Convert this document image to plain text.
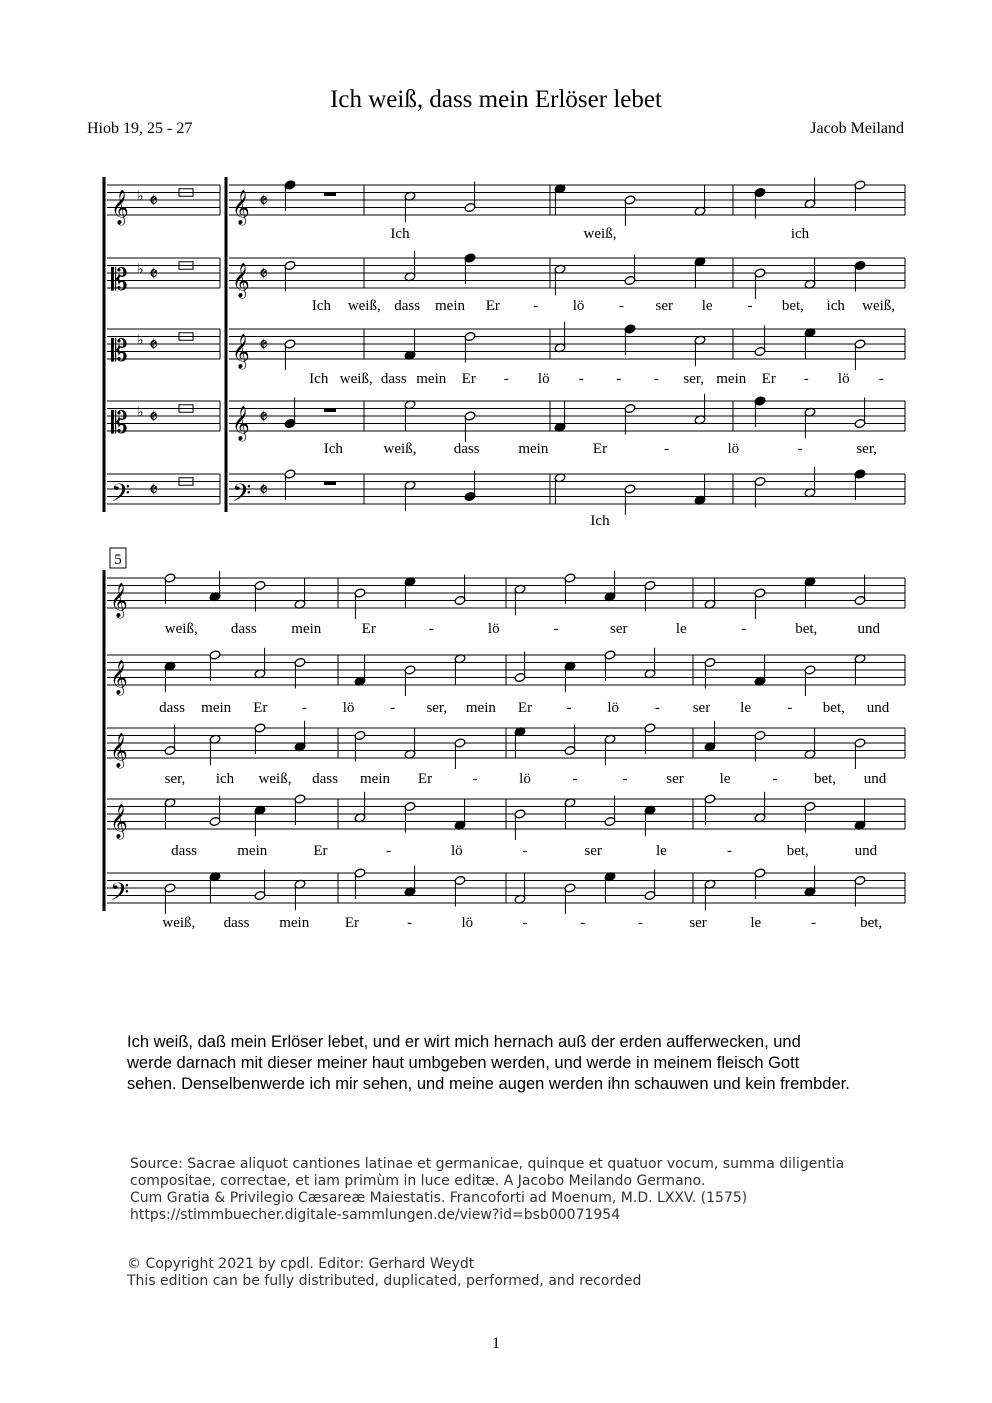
Ich weiß, dass mein Erlöser lebet
Hiob 19, 25 - 27	Jacob Meiland
𝄞 ♭ 𝄵 𝄞 𝄵
𝄡 ♭ 𝄵 𝄞 𝄵
𝄡 ♭ 𝄵 𝄞 𝄵
𝄡 ♭ 𝄵 𝄞 𝄵
𝄢 𝄵 𝄢 𝄵
Ich	weiß,	ich
Ich weiß, dass mein Er - lö - ser le - bet, ich weiß,
Ich weiß, dass mein Er - lö - - - ser, mein Er - lö -
Ich	weiß, dass	mein	Er	-	lö	-	ser,
Ich
5
𝄞
𝄞
𝄞
𝄞
𝄢
weiß, dass mein	Er	-	lö	-	ser	le	-	bet,	und
dass mein Er - lö - ser, mein Er - lö - ser le - bet, und
ser, ich weiß, dass mein Er	-	lö	-	-	ser le	- bet, und
dass	mein	Er	-	lö	-	ser	le	-	bet,	und
weiß, dass mein Er	-	lö	-	-	-	ser	le	-	bet,
Ich weiß, daß mein Erlöser lebet, und er wirt mich hernach auß der erden aufferwecken, und
werde darnach mit dieser meiner haut umbgeben werden, und werde in meinem fleisch Gott
sehen. Denselbenwerde ich mir sehen, und meine augen werden ihn schauwen und kein frembder.
Source: Sacrae aliquot cantiones latinae et germanicae, quinque et quatuor vocum, summa diligentia
compositae, correctae, et iam primùm in luce editæ. A Jacobo Meilando Germano.
Cum Gratia & Privilegio Cæsareæ Maiestatis. Francoforti ad Moenum, M.D. LXXV. (1575)
https://stimmbuecher.digitale-sammlungen.de/view?id=bsb00071954
© Copyright 2021 by cpdl. Editor: Gerhard Weydt
This edition can be fully distributed, duplicated, performed, and recorded
1
